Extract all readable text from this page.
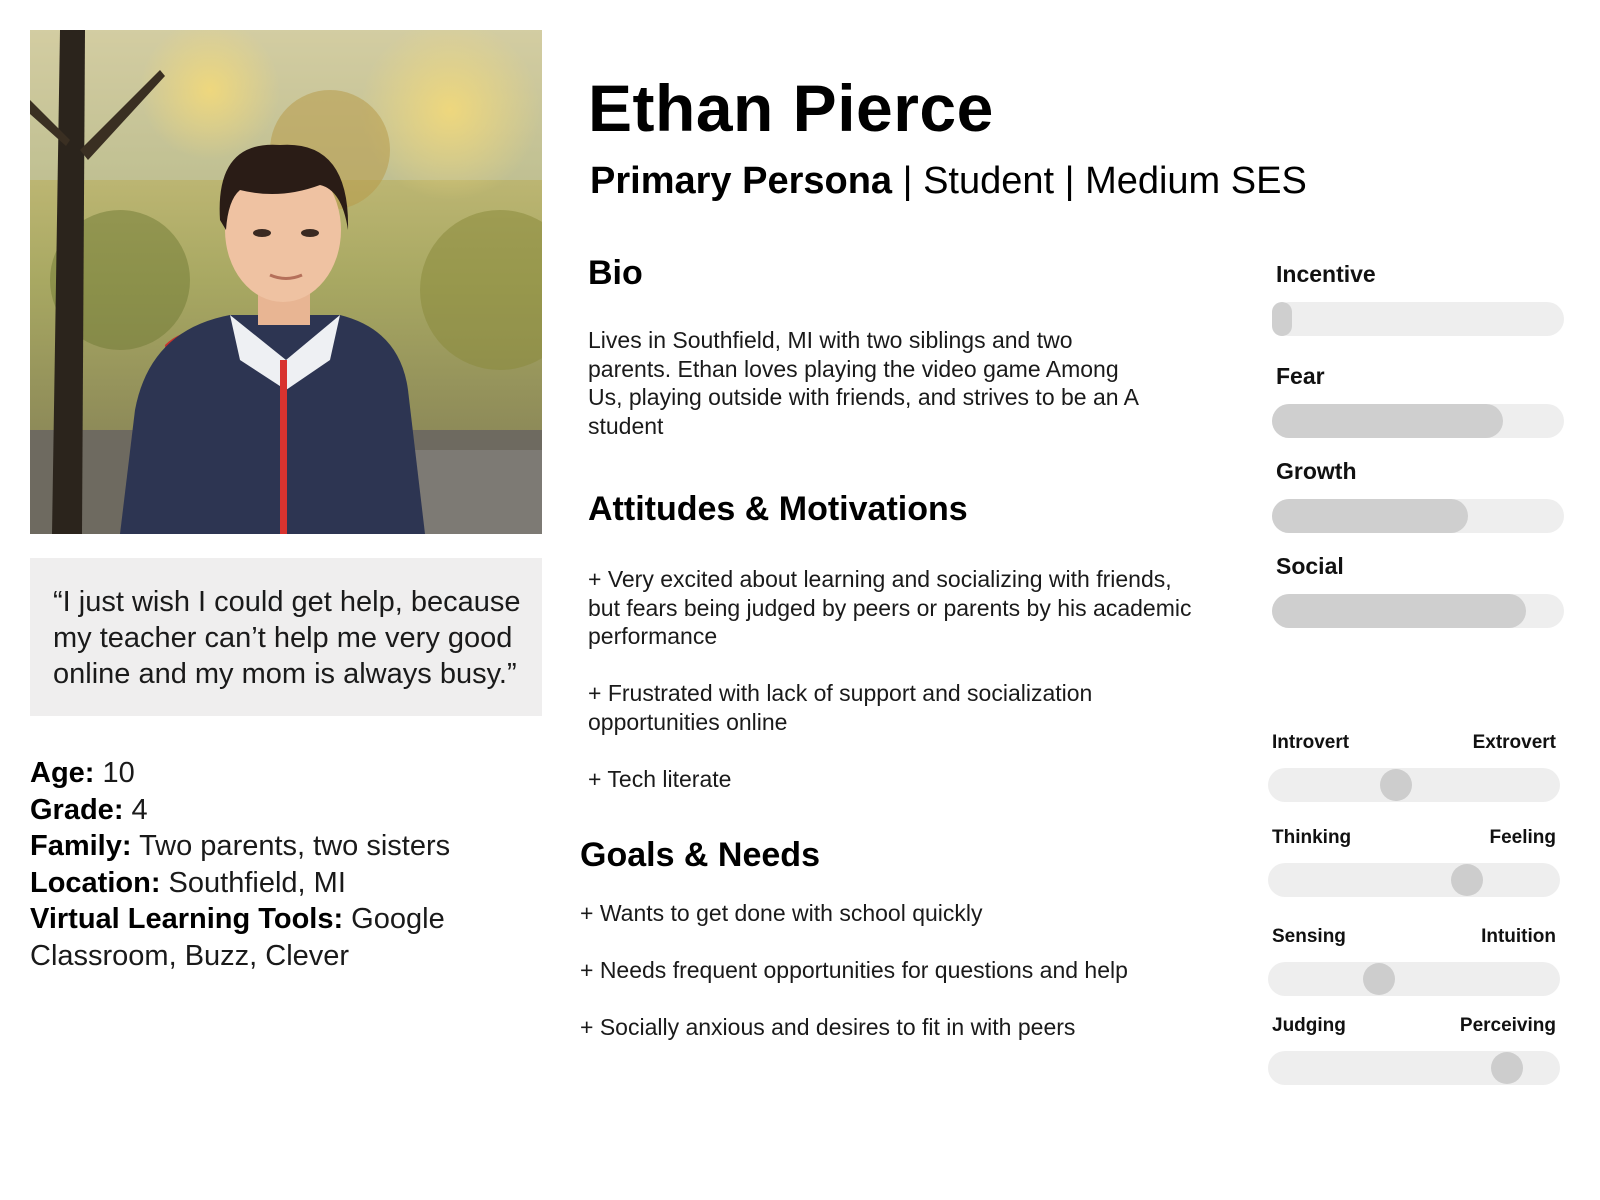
“I just wish I could get help, because my teacher can’t help me very good online and my mom is always busy.”

Age: 10
Grade: 4
Family: Two parents, two sisters
Location: Southfield, MI
Virtual Learning Tools: Google Classroom, Buzz, Clever
Ethan Pierce
Primary Persona | Student | Medium SES
Bio

Lives in Southfield, MI with two siblings and two parents. Ethan loves playing the video game Among Us, playing outside with friends, and strives to be an A student

Attitudes & Motivations

+ Very excited about learning and socializing with friends, but fears being judged by peers or parents by his academic performance

+ Frustrated with lack of support and socialization opportunities online

+ Tech literate

Goals & Needs

+ Wants to get done with school quickly

+ Needs frequent opportunities for questions and help

+ Socially anxious and desires to fit in with peers

Incentive
Fear
Growth
Social
Introvert	Extrovert
Thinking	Feeling
Sensing	Intuition
Judging	Perceiving
